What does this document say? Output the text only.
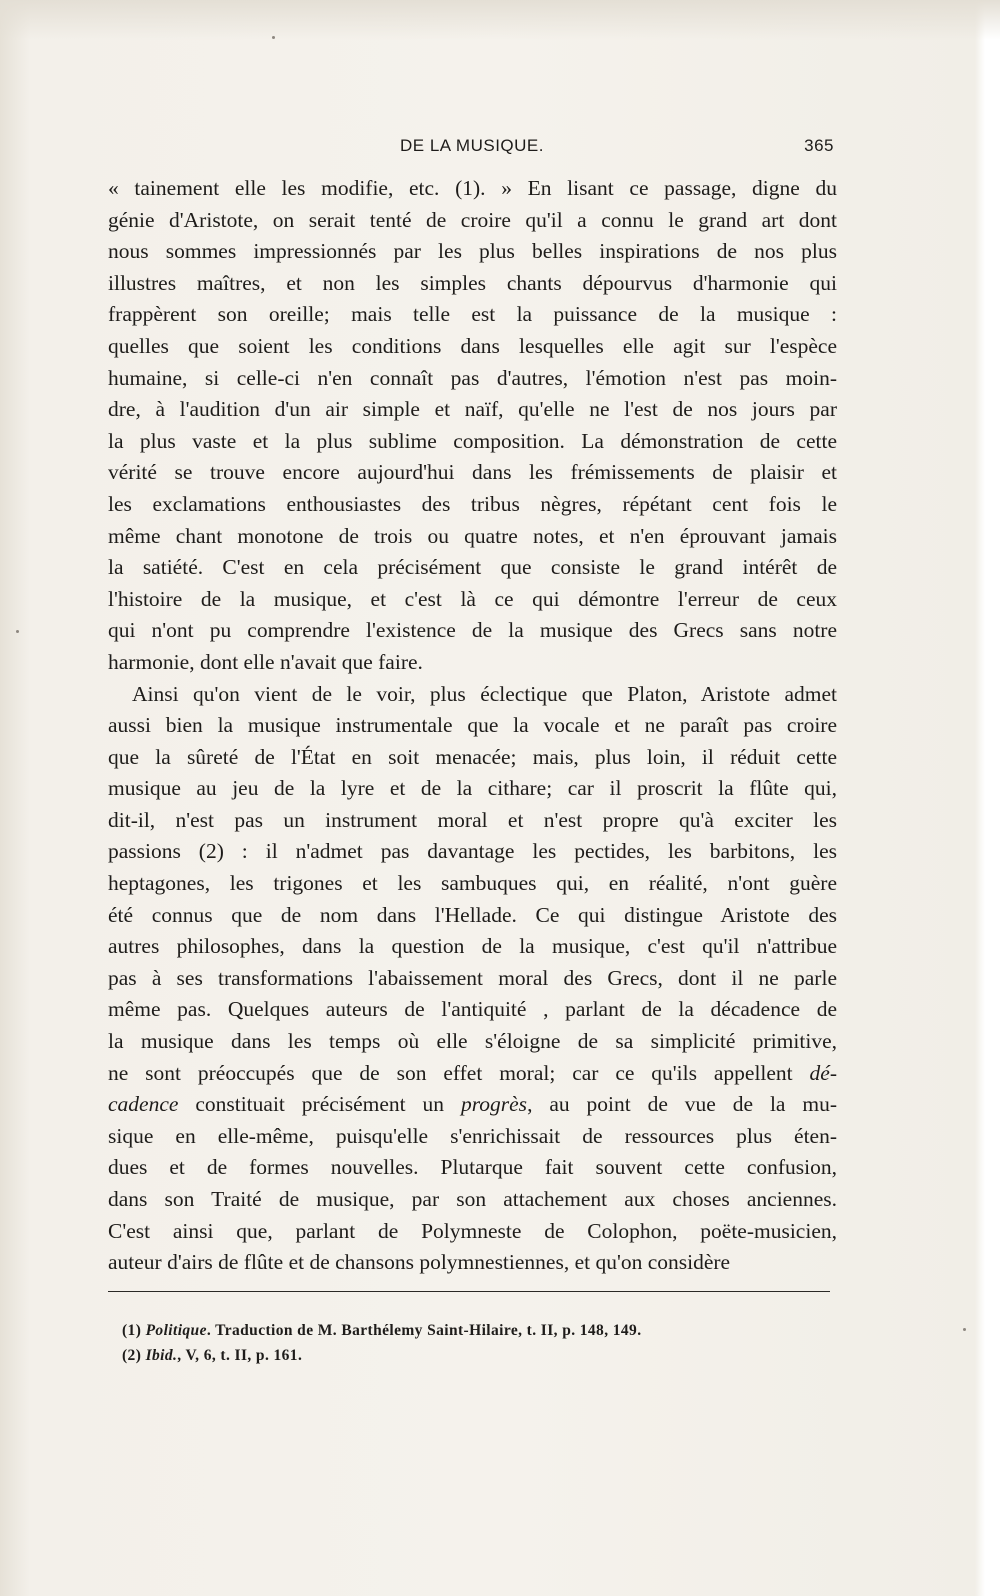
DE LA MUSIQUE.	365

« tainement elle les modifie, etc. (1). » En lisant ce passage, digne du

génie d'Aristote, on serait tenté de croire qu'il a connu le grand art dont

nous sommes impressionnés par les plus belles inspirations de nos plus

illustres maîtres, et non les simples chants dépourvus d'harmonie qui

frappèrent son oreille; mais telle est la puissance de la musique :

quelles que soient les conditions dans lesquelles elle agit sur l'espèce

humaine, si celle-ci n'en connaît pas d'autres, l'émotion n'est pas moin-

dre, à l'audition d'un air simple et naïf, qu'elle ne l'est de nos jours par

la plus vaste et la plus sublime composition. La démonstration de cette

vérité se trouve encore aujourd'hui dans les frémissements de plaisir et

les exclamations enthousiastes des tribus nègres, répétant cent fois le

même chant monotone de trois ou quatre notes, et n'en éprouvant jamais

la satiété. C'est en cela précisément que consiste le grand intérêt de

l'histoire de la musique, et c'est là ce qui démontre l'erreur de ceux

qui n'ont pu comprendre l'existence de la musique des Grecs sans notre

harmonie, dont elle n'avait que faire.

Ainsi qu'on vient de le voir, plus éclectique que Platon, Aristote admet

aussi bien la musique instrumentale que la vocale et ne paraît pas croire

que la sûreté de l'État en soit menacée; mais, plus loin, il réduit cette

musique au jeu de la lyre et de la cithare; car il proscrit la flûte qui,

dit-il, n'est pas un instrument moral et n'est propre qu'à exciter les

passions (2) : il n'admet pas davantage les pectides, les barbitons, les

heptagones, les trigones et les sambuques qui, en réalité, n'ont guère

été connus que de nom dans l'Hellade. Ce qui distingue Aristote des

autres philosophes, dans la question de la musique, c'est qu'il n'attribue

pas à ses transformations l'abaissement moral des Grecs, dont il ne parle

même pas. Quelques auteurs de l'antiquité , parlant de la décadence de

la musique dans les temps où elle s'éloigne de sa simplicité primitive,

ne sont préoccupés que de son effet moral; car ce qu'ils appellent dé-

cadence constituait précisément un progrès, au point de vue de la mu-

sique en elle-même, puisqu'elle s'enrichissait de ressources plus éten-

dues et de formes nouvelles. Plutarque fait souvent cette confusion,

dans son Traité de musique, par son attachement aux choses anciennes.

C'est ainsi que, parlant de Polymneste de Colophon, poëte-musicien,

auteur d'airs de flûte et de chansons polymnestiennes, et qu'on considère

(1) Politique. Traduction de M. Barthélemy Saint-Hilaire, t. II, p. 148, 149.
(2) Ibid., V, 6, t. II, p. 161.
